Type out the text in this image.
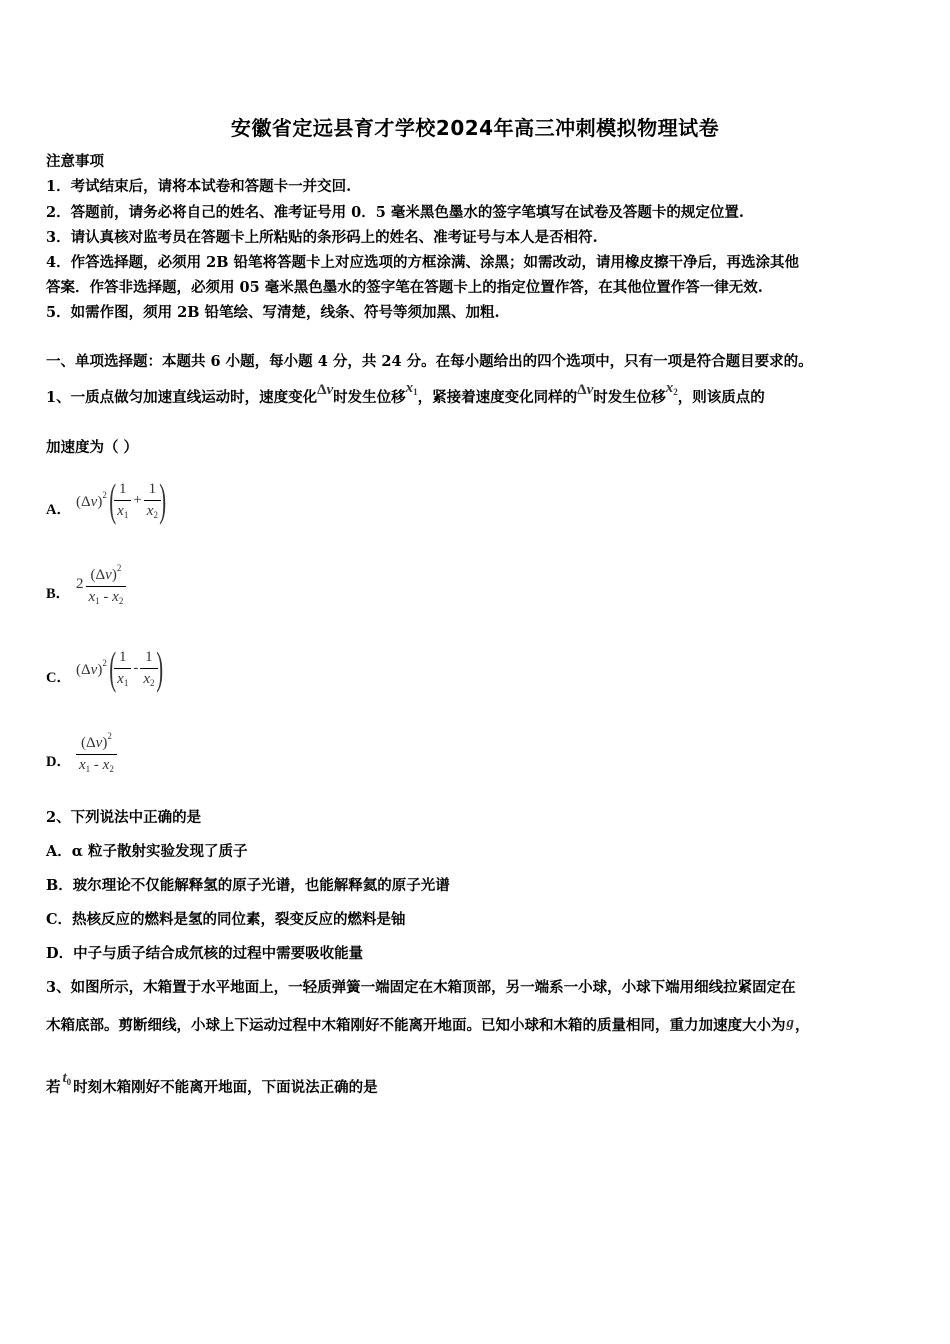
安徽省定远县育才学校2024年高三冲刺模拟物理试卷
注意事项
1．考试结束后，请将本试卷和答题卡一并交回.
2．答题前，请务必将自己的姓名、准考证号用 0．5 毫米黑色墨水的签字笔填写在试卷及答题卡的规定位置.
3．请认真核对监考员在答题卡上所粘贴的条形码上的姓名、准考证号与本人是否相符.
4．作答选择题，必须用 2B 铅笔将答题卡上对应选项的方框涂满、涂黑；如需改动，请用橡皮擦干净后，再选涂其他
答案．作答非选择题，必须用 05 毫米黑色墨水的签字笔在答题卡上的指定位置作答，在其他位置作答一律无效.
5．如需作图，须用 2B 铅笔绘、写清楚，线条、符号等须加黑、加粗.
一、单项选择题：本题共 6 小题，每小题 4 分，共 24 分。在每小题给出的四个选项中，只有一项是符合题目要求的。
1、一质点做匀加速直线运动时，速度变化Δv时发生位移$x_1$，紧接着速度变化同样的Δv时发生位移$x_2$，则该质点的
加速度为（ ）
A．
$(\Delta v)^2$ (
$\frac{1}{x_1} + \frac{1}{x_2}$
)
B．
$2 \frac{(\Delta v)^2}{x_1 - x_2}$
C．
$(\Delta v)^2$ (
$\frac{1}{x_1} - \frac{1}{x_2}$
)
D． $\frac{(\Delta v)^2}{x_1 - x_2}$
2、下列说法中正确的是
A．α 粒子散射实验发现了质子
B．玻尔理论不仅能解释氢的原子光谱，也能解释氦的原子光谱
C．热核反应的燃料是氢的同位素，裂变反应的燃料是铀
D．中子与质子结合成氘核的过程中需要吸收能量
3、如图所示，木箱置于水平地面上，一轻质弹簧一端固定在木箱顶部，另一端系一小球，小球下端用细线拉紧固定在
木箱底部。剪断细线，小球上下运动过程中木箱刚好不能离开地面。已知小球和木箱的质量相同，重力加速度大小为g，
若$t_0$ 时刻木箱刚好不能离开地面，下面说法正确的是
